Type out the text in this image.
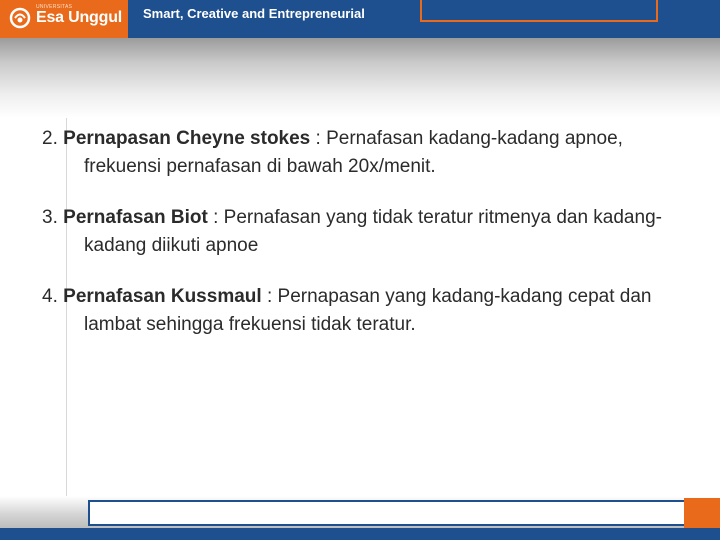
UNIVERSITAS
Esa Unggul Smart, Creative and Entrepreneurial
2. Pernapasan Cheyne stokes : Pernafasan kadang-kadang apnoe, frekuensi pernafasan di bawah 20x/menit.
3. Pernafasan Biot : Pernafasan yang tidak teratur ritmenya dan kadang-kadang diikuti apnoe
4. Pernafasan Kussmaul : Pernapasan yang kadang-kadang cepat dan lambat sehingga frekuensi tidak teratur.
